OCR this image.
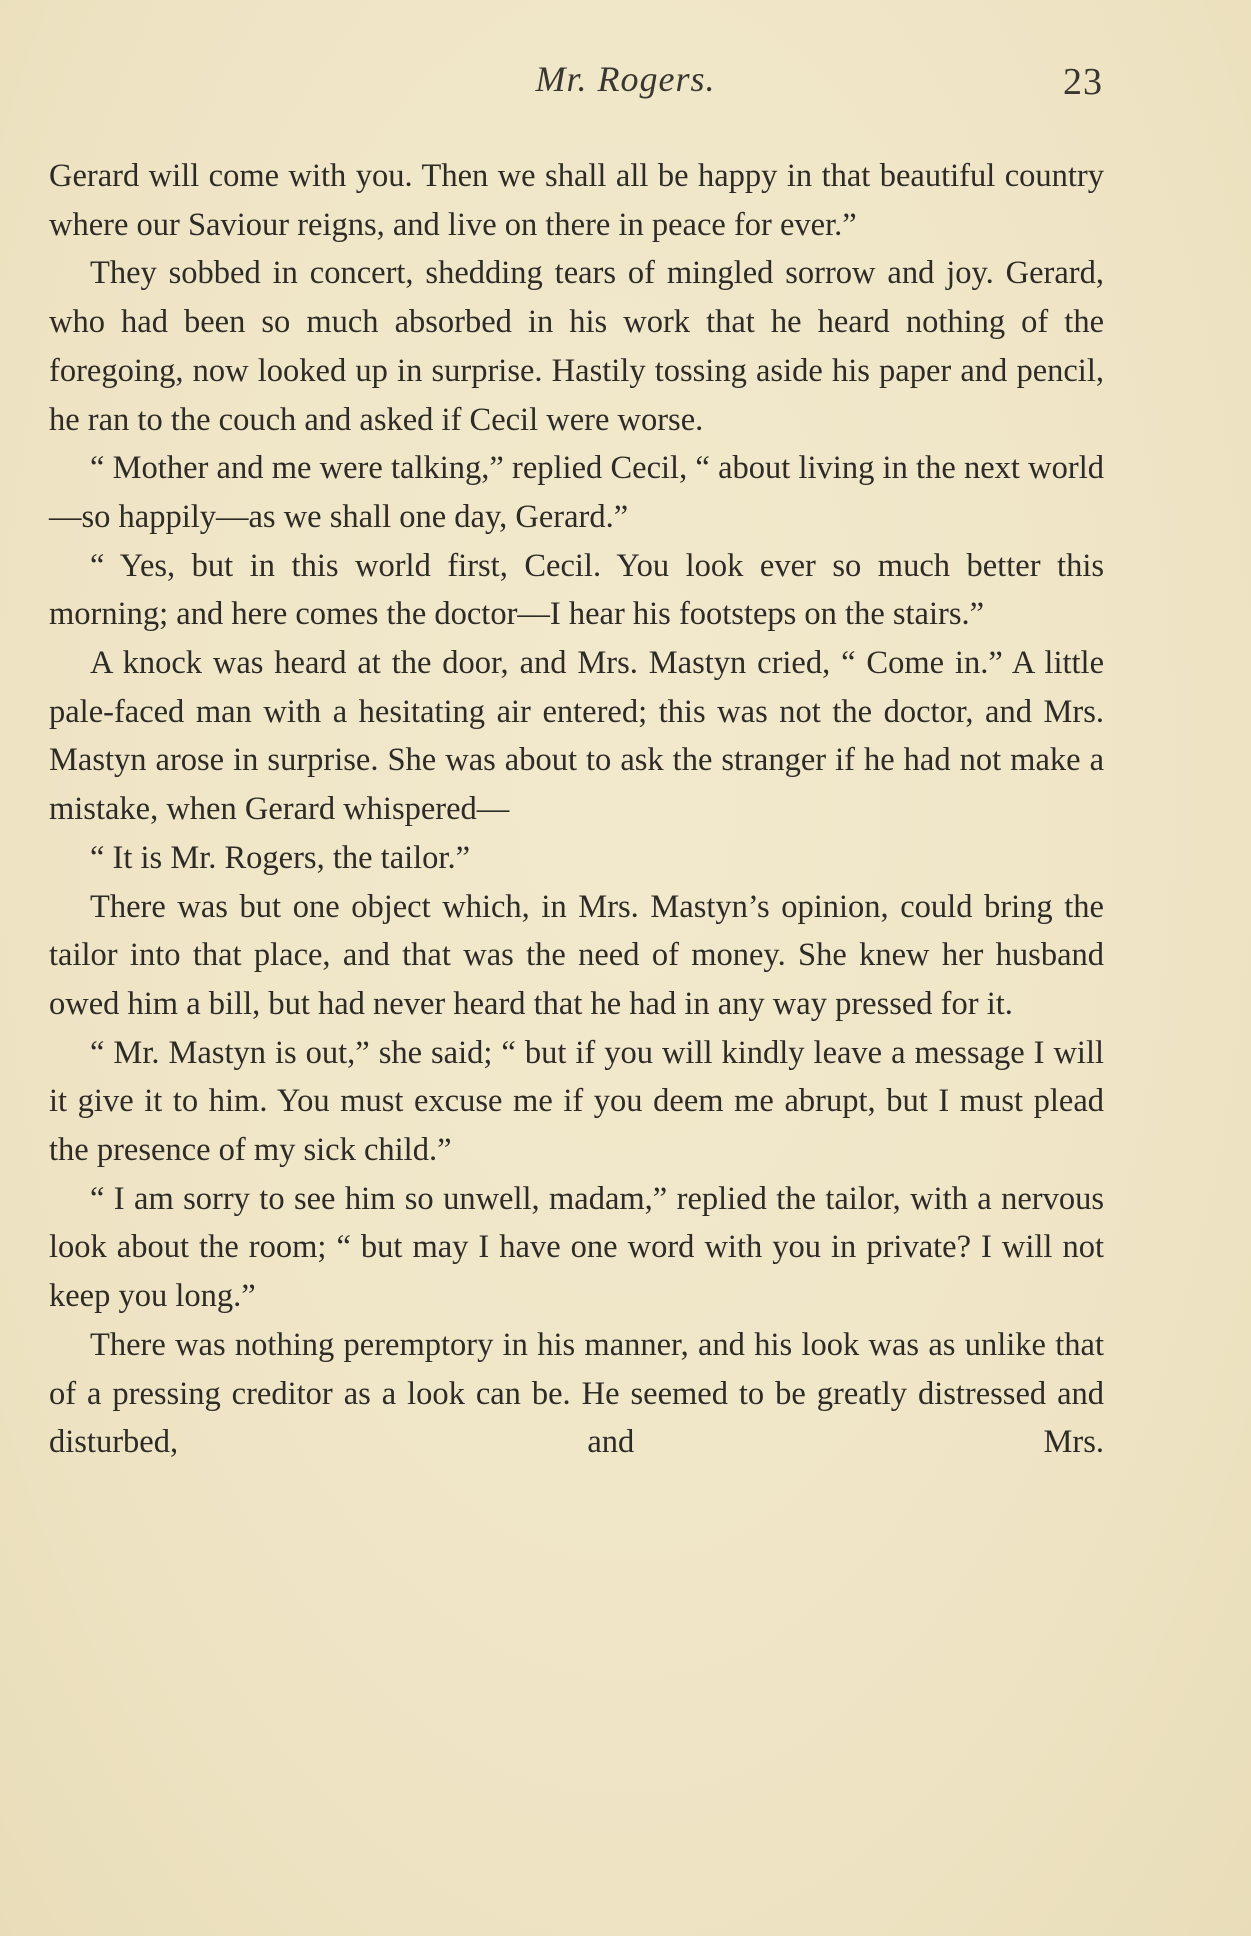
Mr. Rogers.	23

Gerard will come with you. Then we shall all be happy in that beautiful country where our Saviour reigns, and live on there in peace for ever.”

They sobbed in concert, shedding tears of mingled sorrow and joy. Gerard, who had been so much absorbed in his work that he heard nothing of the foregoing, now looked up in surprise. Hastily tossing aside his paper and pencil, he ran to the couch and asked if Cecil were worse.

“ Mother and me were talking,” replied Cecil, “ about living in the next world—so happily—as we shall one day, Gerard.”

“ Yes, but in this world first, Cecil. You look ever so much better this morning; and here comes the doctor—I hear his footsteps on the stairs.”

A knock was heard at the door, and Mrs. Mastyn cried, “ Come in.” A little pale-faced man with a hesitating air entered; this was not the doctor, and Mrs. Mastyn arose in surprise. She was about to ask the stranger if he had not make a mistake, when Gerard whispered—

“ It is Mr. Rogers, the tailor.”

There was but one object which, in Mrs. Mastyn’s opinion, could bring the tailor into that place, and that was the need of money. She knew her husband owed him a bill, but had never heard that he had in any way pressed for it.

“ Mr. Mastyn is out,” she said; “ but if you will kindly leave a message I will it give it to him. You must excuse me if you deem me abrupt, but I must plead the presence of my sick child.”

“ I am sorry to see him so unwell, madam,” replied the tailor, with a nervous look about the room; “ but may I have one word with you in private? I will not keep you long.”

There was nothing peremptory in his manner, and his look was as unlike that of a pressing creditor as a look can be. He seemed to be greatly distressed and disturbed, and Mrs.
